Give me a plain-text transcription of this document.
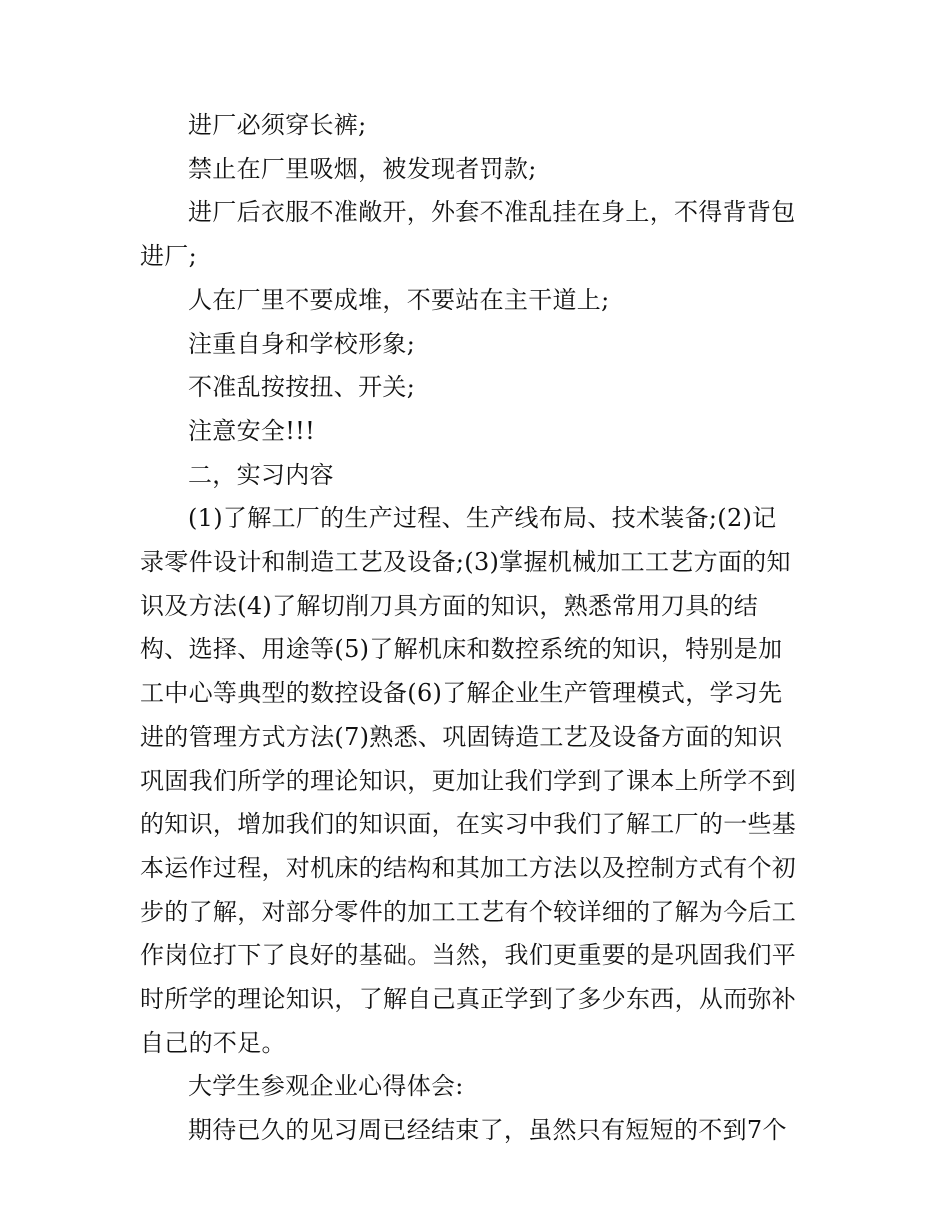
进厂必须穿长裤;
禁止在厂里吸烟，被发现者罚款;
进厂后衣服不准敞开，外套不准乱挂在身上，不得背背包
进厂;
人在厂里不要成堆，不要站在主干道上;
注重自身和学校形象;
不准乱按按扭、开关;
注意安全!!!
二，实习内容
(1)了解工厂的生产过程、生产线布局、技术装备;(2)记
录零件设计和制造工艺及设备;(3)掌握机械加工工艺方面的知
识及方法(4)了解切削刀具方面的知识，熟悉常用刀具的结
构、选择、用途等(5)了解机床和数控系统的知识，特别是加
工中心等典型的数控设备(6)了解企业生产管理模式，学习先
进的管理方式方法(7)熟悉、巩固铸造工艺及设备方面的知识
巩固我们所学的理论知识，更加让我们学到了课本上所学不到
的知识，增加我们的知识面，在实习中我们了解工厂的一些基
本运作过程，对机床的结构和其加工方法以及控制方式有个初
步的了解，对部分零件的加工工艺有个较详细的了解为今后工
作岗位打下了良好的基础。当然，我们更重要的是巩固我们平
时所学的理论知识，了解自己真正学到了多少东西，从而弥补
自己的不足。
大学生参观企业心得体会:
期待已久的见习周已经结束了，虽然只有短短的不到7个
